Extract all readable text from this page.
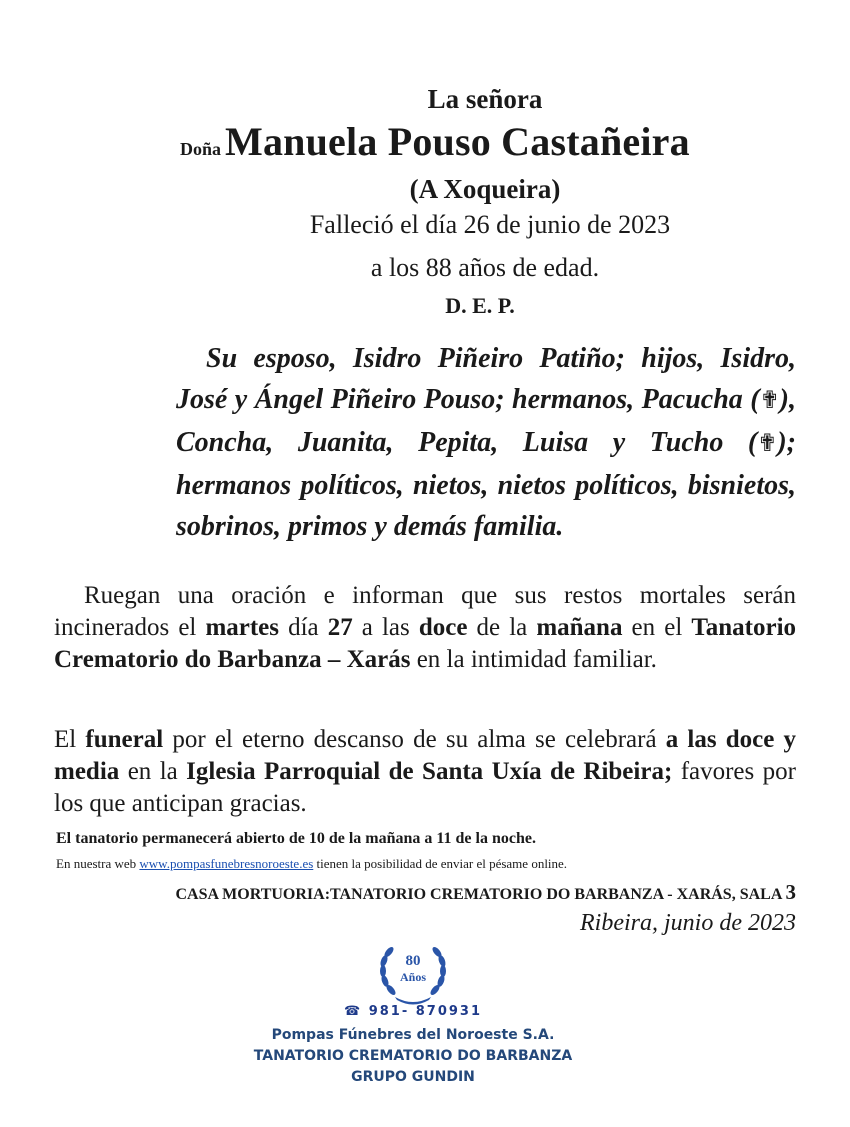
La señora
Doña Manuela Pouso Castañeira
(A Xoqueira)
Falleció el día 26 de junio de 2023
a los 88 años de edad.
D. E. P.
Su esposo, Isidro Piñeiro Patiño; hijos, Isidro, José y Ángel Piñeiro Pouso; hermanos, Pacucha (✟), Concha, Juanita, Pepita, Luisa y Tucho (✟); hermanos políticos, nietos, nietos políticos, bisnietos, sobrinos, primos y demás familia.
Ruegan una oración e informan que sus restos mortales serán incinerados el martes día 27 a las doce de la mañana en el Tanatorio Crematorio do Barbanza – Xarás en la intimidad familiar.
El funeral por el eterno descanso de su alma se celebrará a las doce y media en la Iglesia Parroquial de Santa Uxía de Ribeira; favores por los que anticipan gracias.
El tanatorio permanecerá abierto de 10 de la mañana a 11 de la noche.
En nuestra web www.pompasfunebresnoroeste.es tienen la posibilidad de enviar el pésame online.
CASA MORTUORIA:TANATORIO CREMATORIO DO BARBANZA - XARÁS, SALA 3
Ribeira, junio de 2023
80
Años
☎ 981- 870931
Pompas Fúnebres del Noroeste S.A.
TANATORIO CREMATORIO DO BARBANZA
GRUPO GUNDIN
